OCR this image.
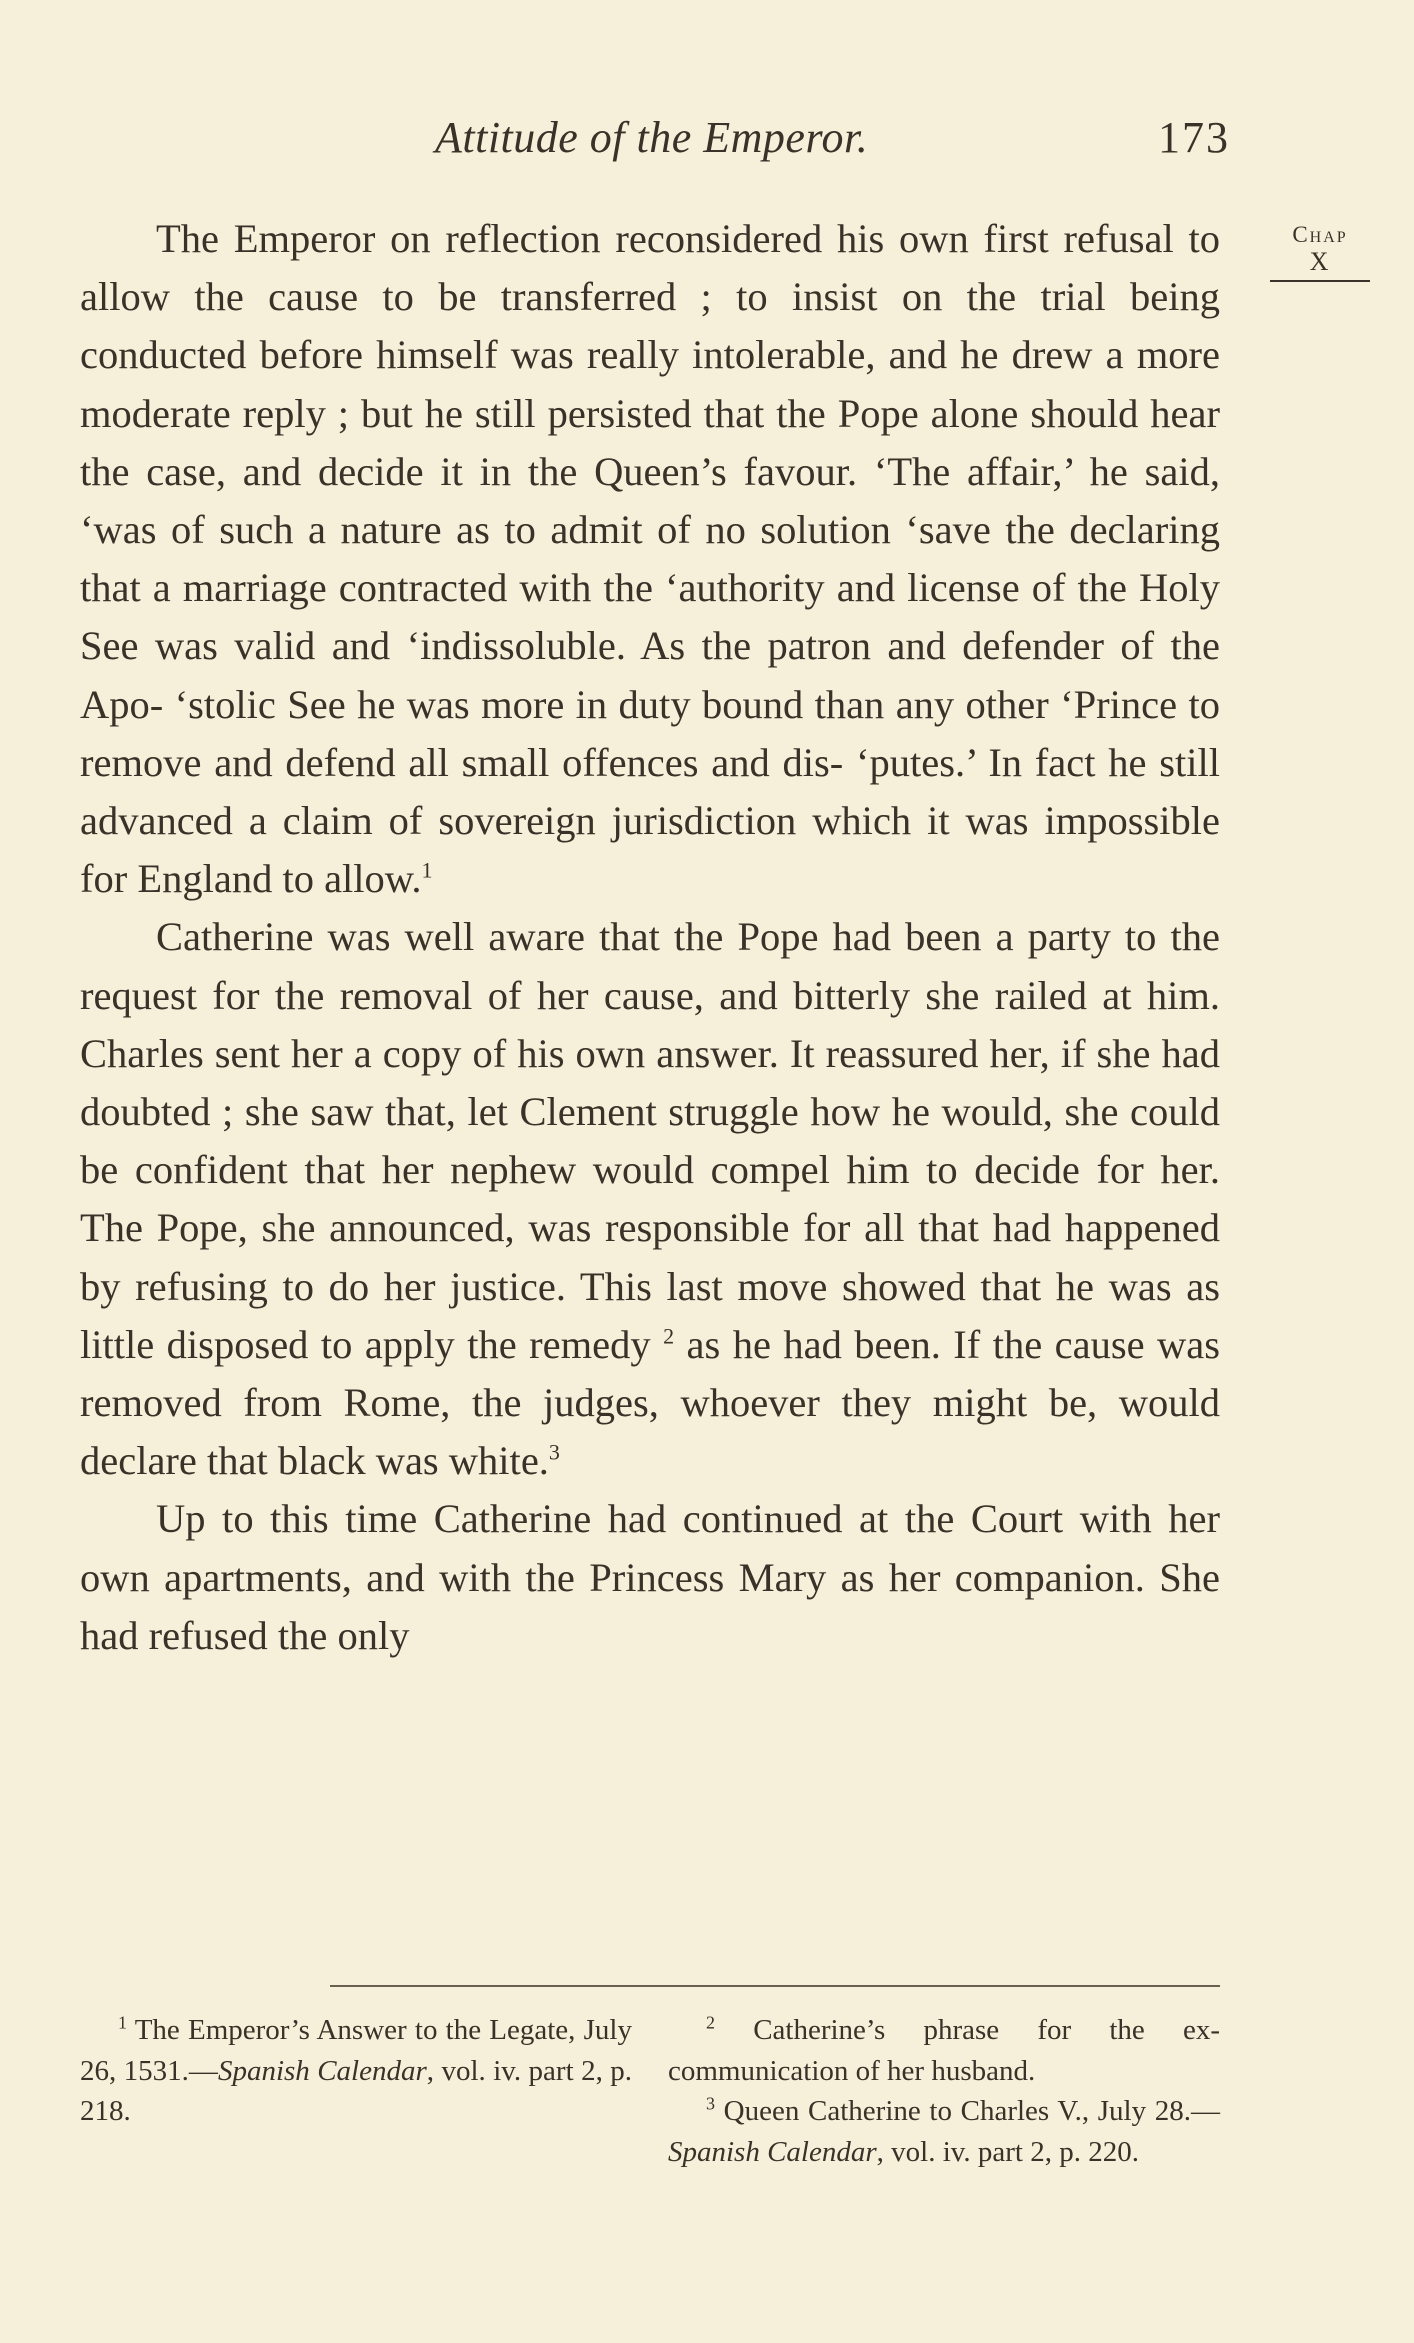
Attitude of the Emperor.	173
Chap
X

The Emperor on reflection reconsidered his own first refusal to allow the cause to be transferred ; to insist on the trial being conducted before himself was really intolerable, and he drew a more moderate reply ; but he still persisted that the Pope alone should hear the case, and decide it in the Queen’s favour. ‘The affair,’ he said, ‘was of such a nature as to admit of no solution ‘save the declaring that a marriage contracted with the ‘authority and license of the Holy See was valid and ‘indissoluble. As the patron and defender of the Apo- ‘stolic See he was more in duty bound than any other ‘Prince to remove and defend all small offences and dis- ‘putes.’ In fact he still advanced a claim of sovereign jurisdiction which it was impossible for England to allow.$^1$

Catherine was well aware that the Pope had been a party to the request for the removal of her cause, and bitterly she railed at him. Charles sent her a copy of his own answer. It reassured her, if she had doubted ; she saw that, let Clement struggle how he would, she could be confident that her nephew would compel him to decide for her. The Pope, she announced, was responsible for all that had happened by refusing to do her justice. This last move showed that he was as little disposed to apply the remedy $^2$ as he had been. If the cause was removed from Rome, the judges, whoever they might be, would declare that black was white.$^3$

Up to this time Catherine had continued at the Court with her own apartments, and with the Princess Mary as her companion. She had refused the only

$^1$ The Emperor’s Answer to the Legate, July 26, 1531.—Spanish Calendar, vol. iv. part 2, p. 218.

$^2$ Catherine’s phrase for the ex- communication of her husband.

$^3$ Queen Catherine to Charles V., July 28.—Spanish Calendar, vol. iv. part 2, p. 220.
